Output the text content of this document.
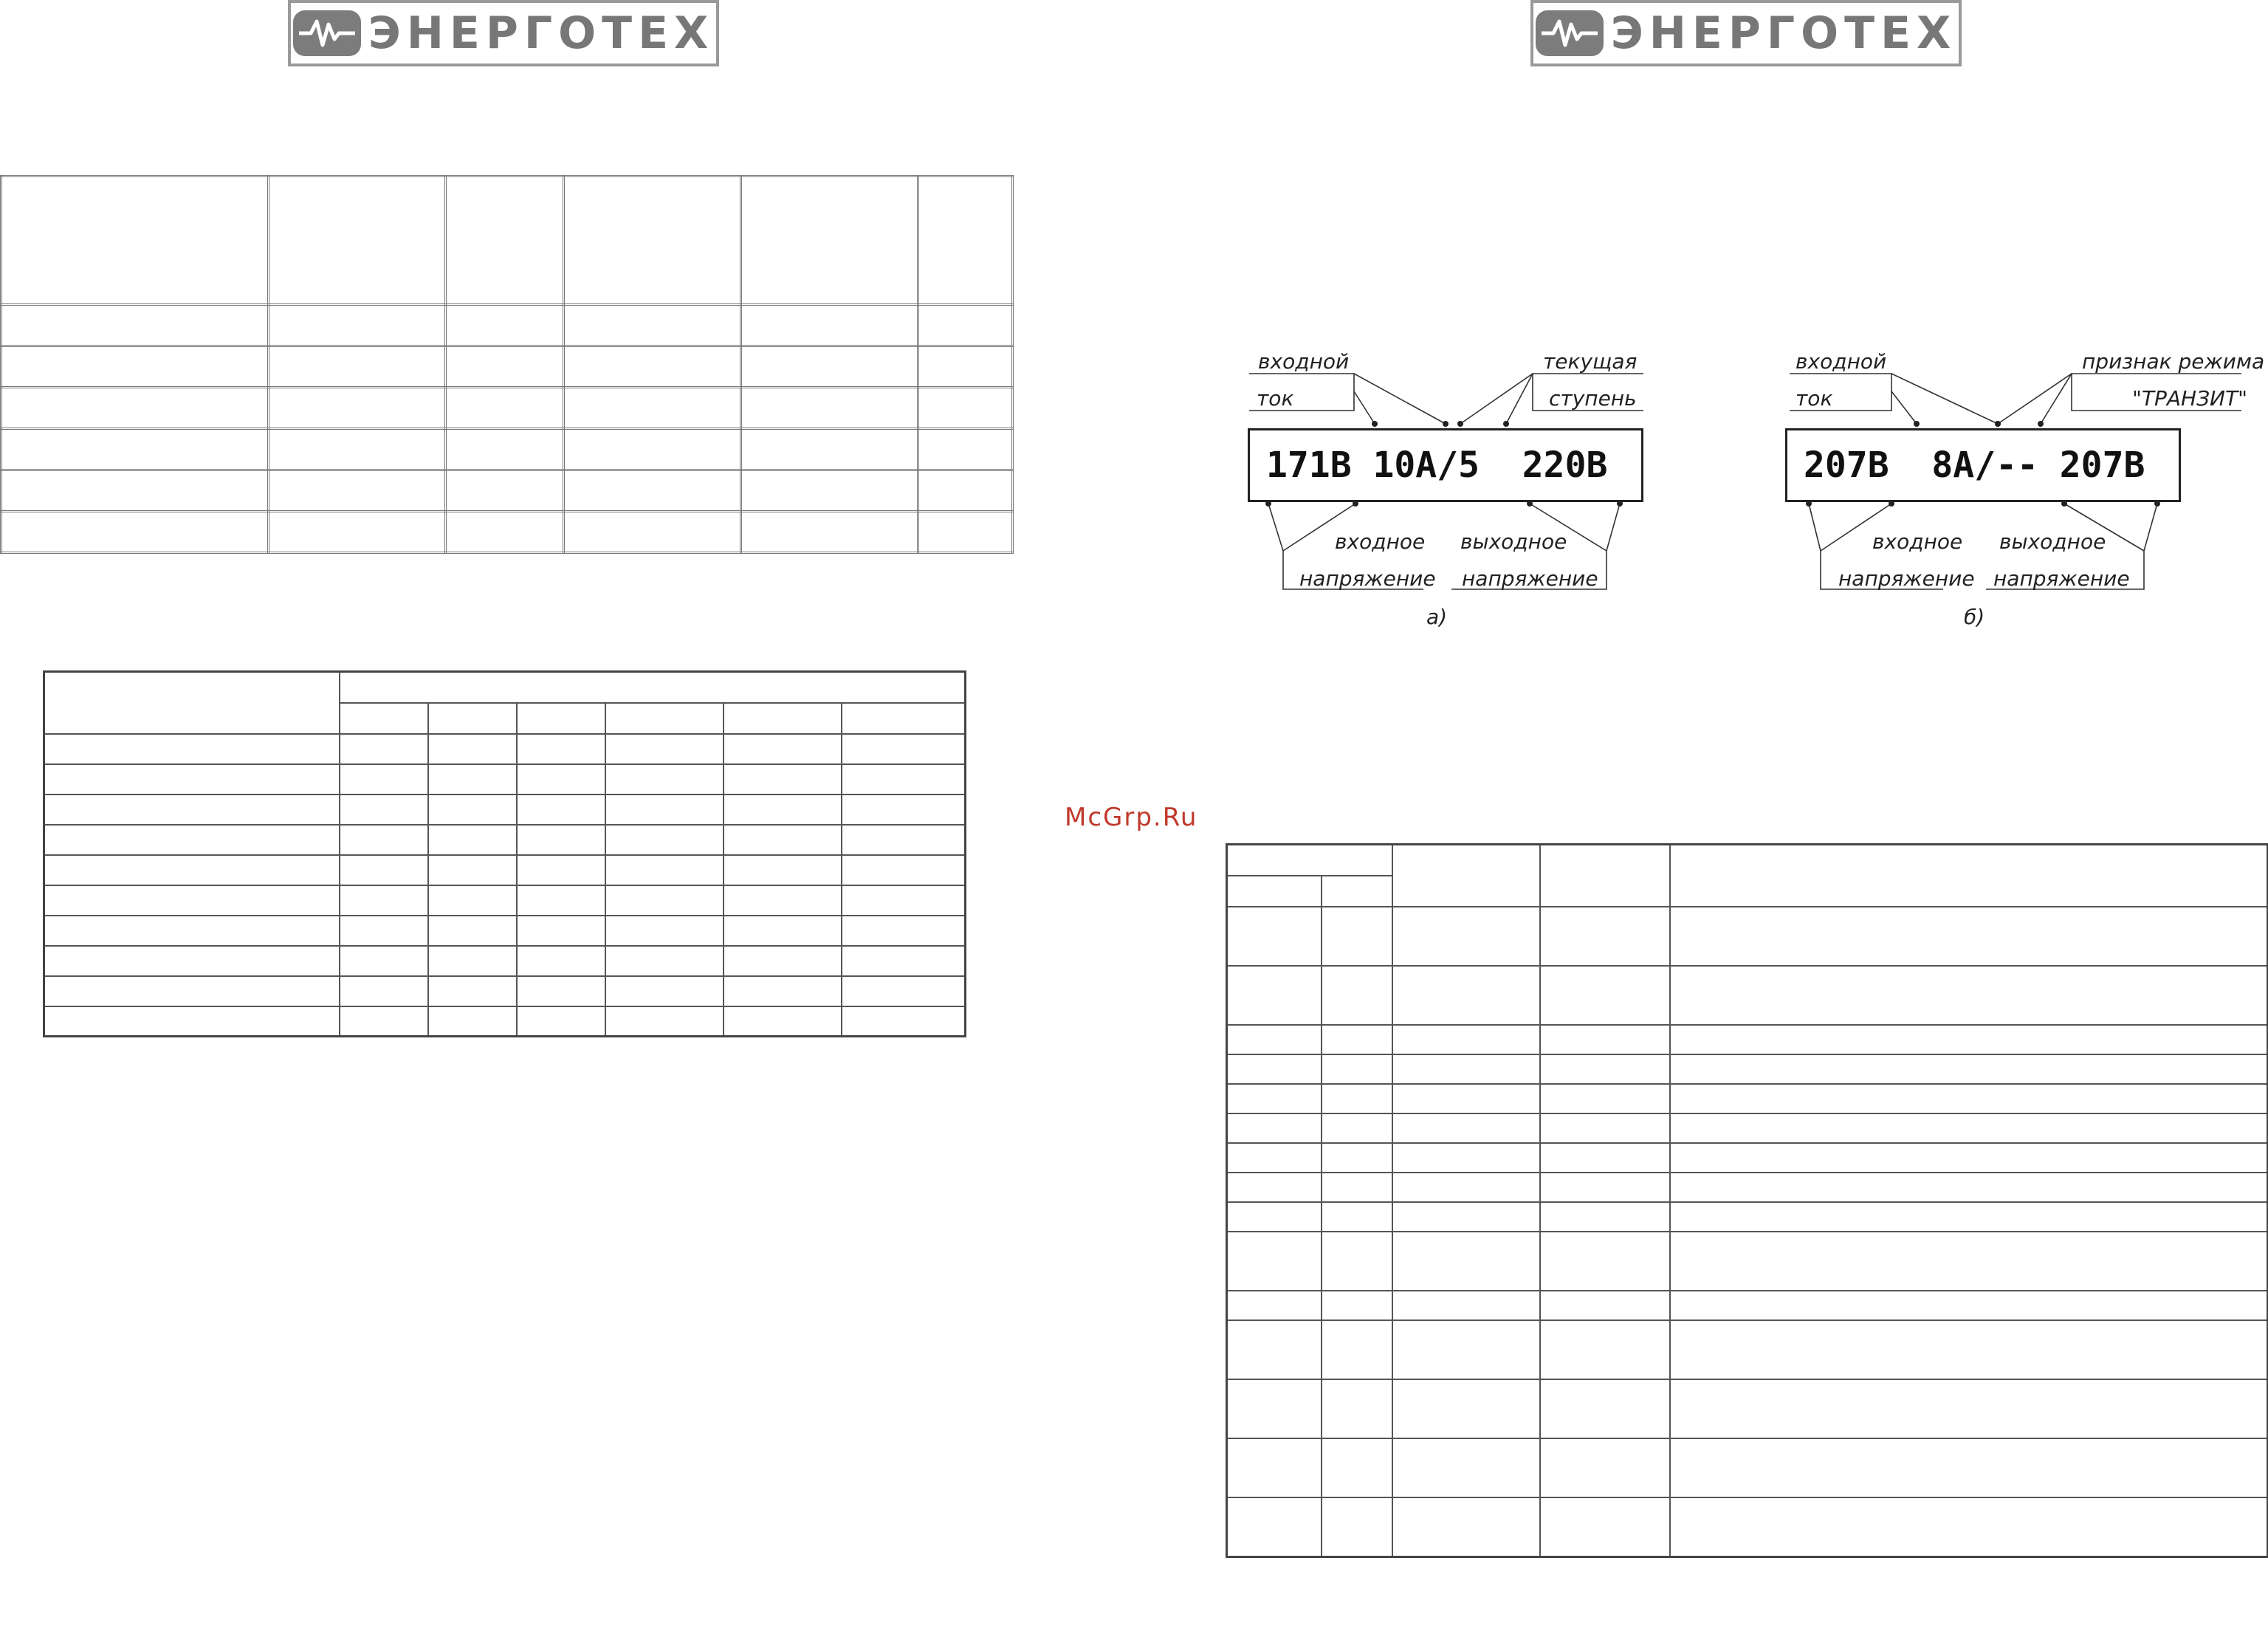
ЭНЕРГОТЕХ	ЭНЕРГОТЕХ

McGrp.Ru
171В 10А/5  220В
входной
ток
текущая
ступень
входное
напряжение
выходное
напряжение
а)
207В  8А/-- 207В
входной
ток
признак режима
"ТРАНЗИТ"
входное
напряжение
выходное
напряжение
б)
